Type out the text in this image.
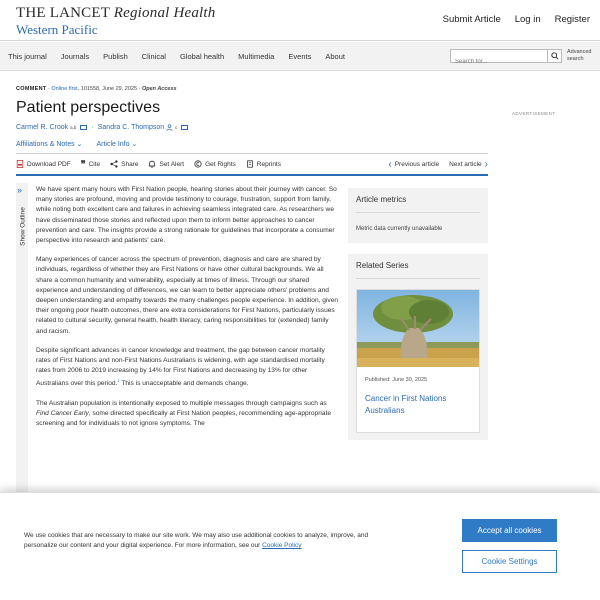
THE LANCET Regional Health
Western Pacific
Submit Article Log in Register
This journal Journals Publish Clinical Global health Multimedia Events About
Search for...	Advanced search
COMMENT · Online first, 101558, June 29, 2025 · Open Access
Patient perspectives
Carmel R. Crook a,b · Sandra C. Thompson c
Affiliations & Notes ⌄ Article Info ⌄
Download PDF ❞ Cite	Share	Set Alert	Get Rights	Reprints	‹ Previous article Next article ›
»
Show Outline

We have spent many hours with First Nation people, hearing stories about their journey with cancer. So many stories are profound, moving and provide testimony to courage, frustration, support from family, while noting both excellent care and failures in achieving seamless integrated care. As researchers we have disseminated those stories and reflected upon them to inform better approaches to cancer prevention and care. The insights provide a strong rationale for guidelines that incorporate a consumer perspective into research and patients' care.

Many experiences of cancer across the spectrum of prevention, diagnosis and care are shared by individuals, regardless of whether they are First Nations or have other cultural backgrounds. We all share a common humanity and vulnerability, especially at times of illness. Through our shared experience and understanding of differences, we can learn to better appreciate others' problems and deepen understanding and empathy towards the many challenges people experience. In addition, given their ongoing poor health outcomes, there are extra considerations for First Nations, particularly issues related to cultural security, general health, health literacy, caring responsibilities for (extended) family and racism.

Despite significant advances in cancer knowledge and treatment, the gap between cancer mortality rates of First Nations and non-First Nations Australians is widening, with age standardised mortality rates from 2006 to 2019 increasing by 14% for First Nations and decreasing by 13% for other Australians over this period.$^1$ This is unacceptable and demands change.

The Australian population is intentionally exposed to multiple messages through campaigns such as Find Cancer Early, some directed specifically at First Nation peoples, recommending age-appropriate screening and for individuals to not ignore symptoms. The

ADVERTISEMENT
Article metrics
Metric data currently unavailable
Related Series
Published: June 30, 2025
Cancer in First Nations Australians
We use cookies that are necessary to make our site work. We may also use additional cookies to analyze, improve, and personalize our content and your digital experience. For more information, see our Cookie Policy
Accept all cookies
Cookie Settings
